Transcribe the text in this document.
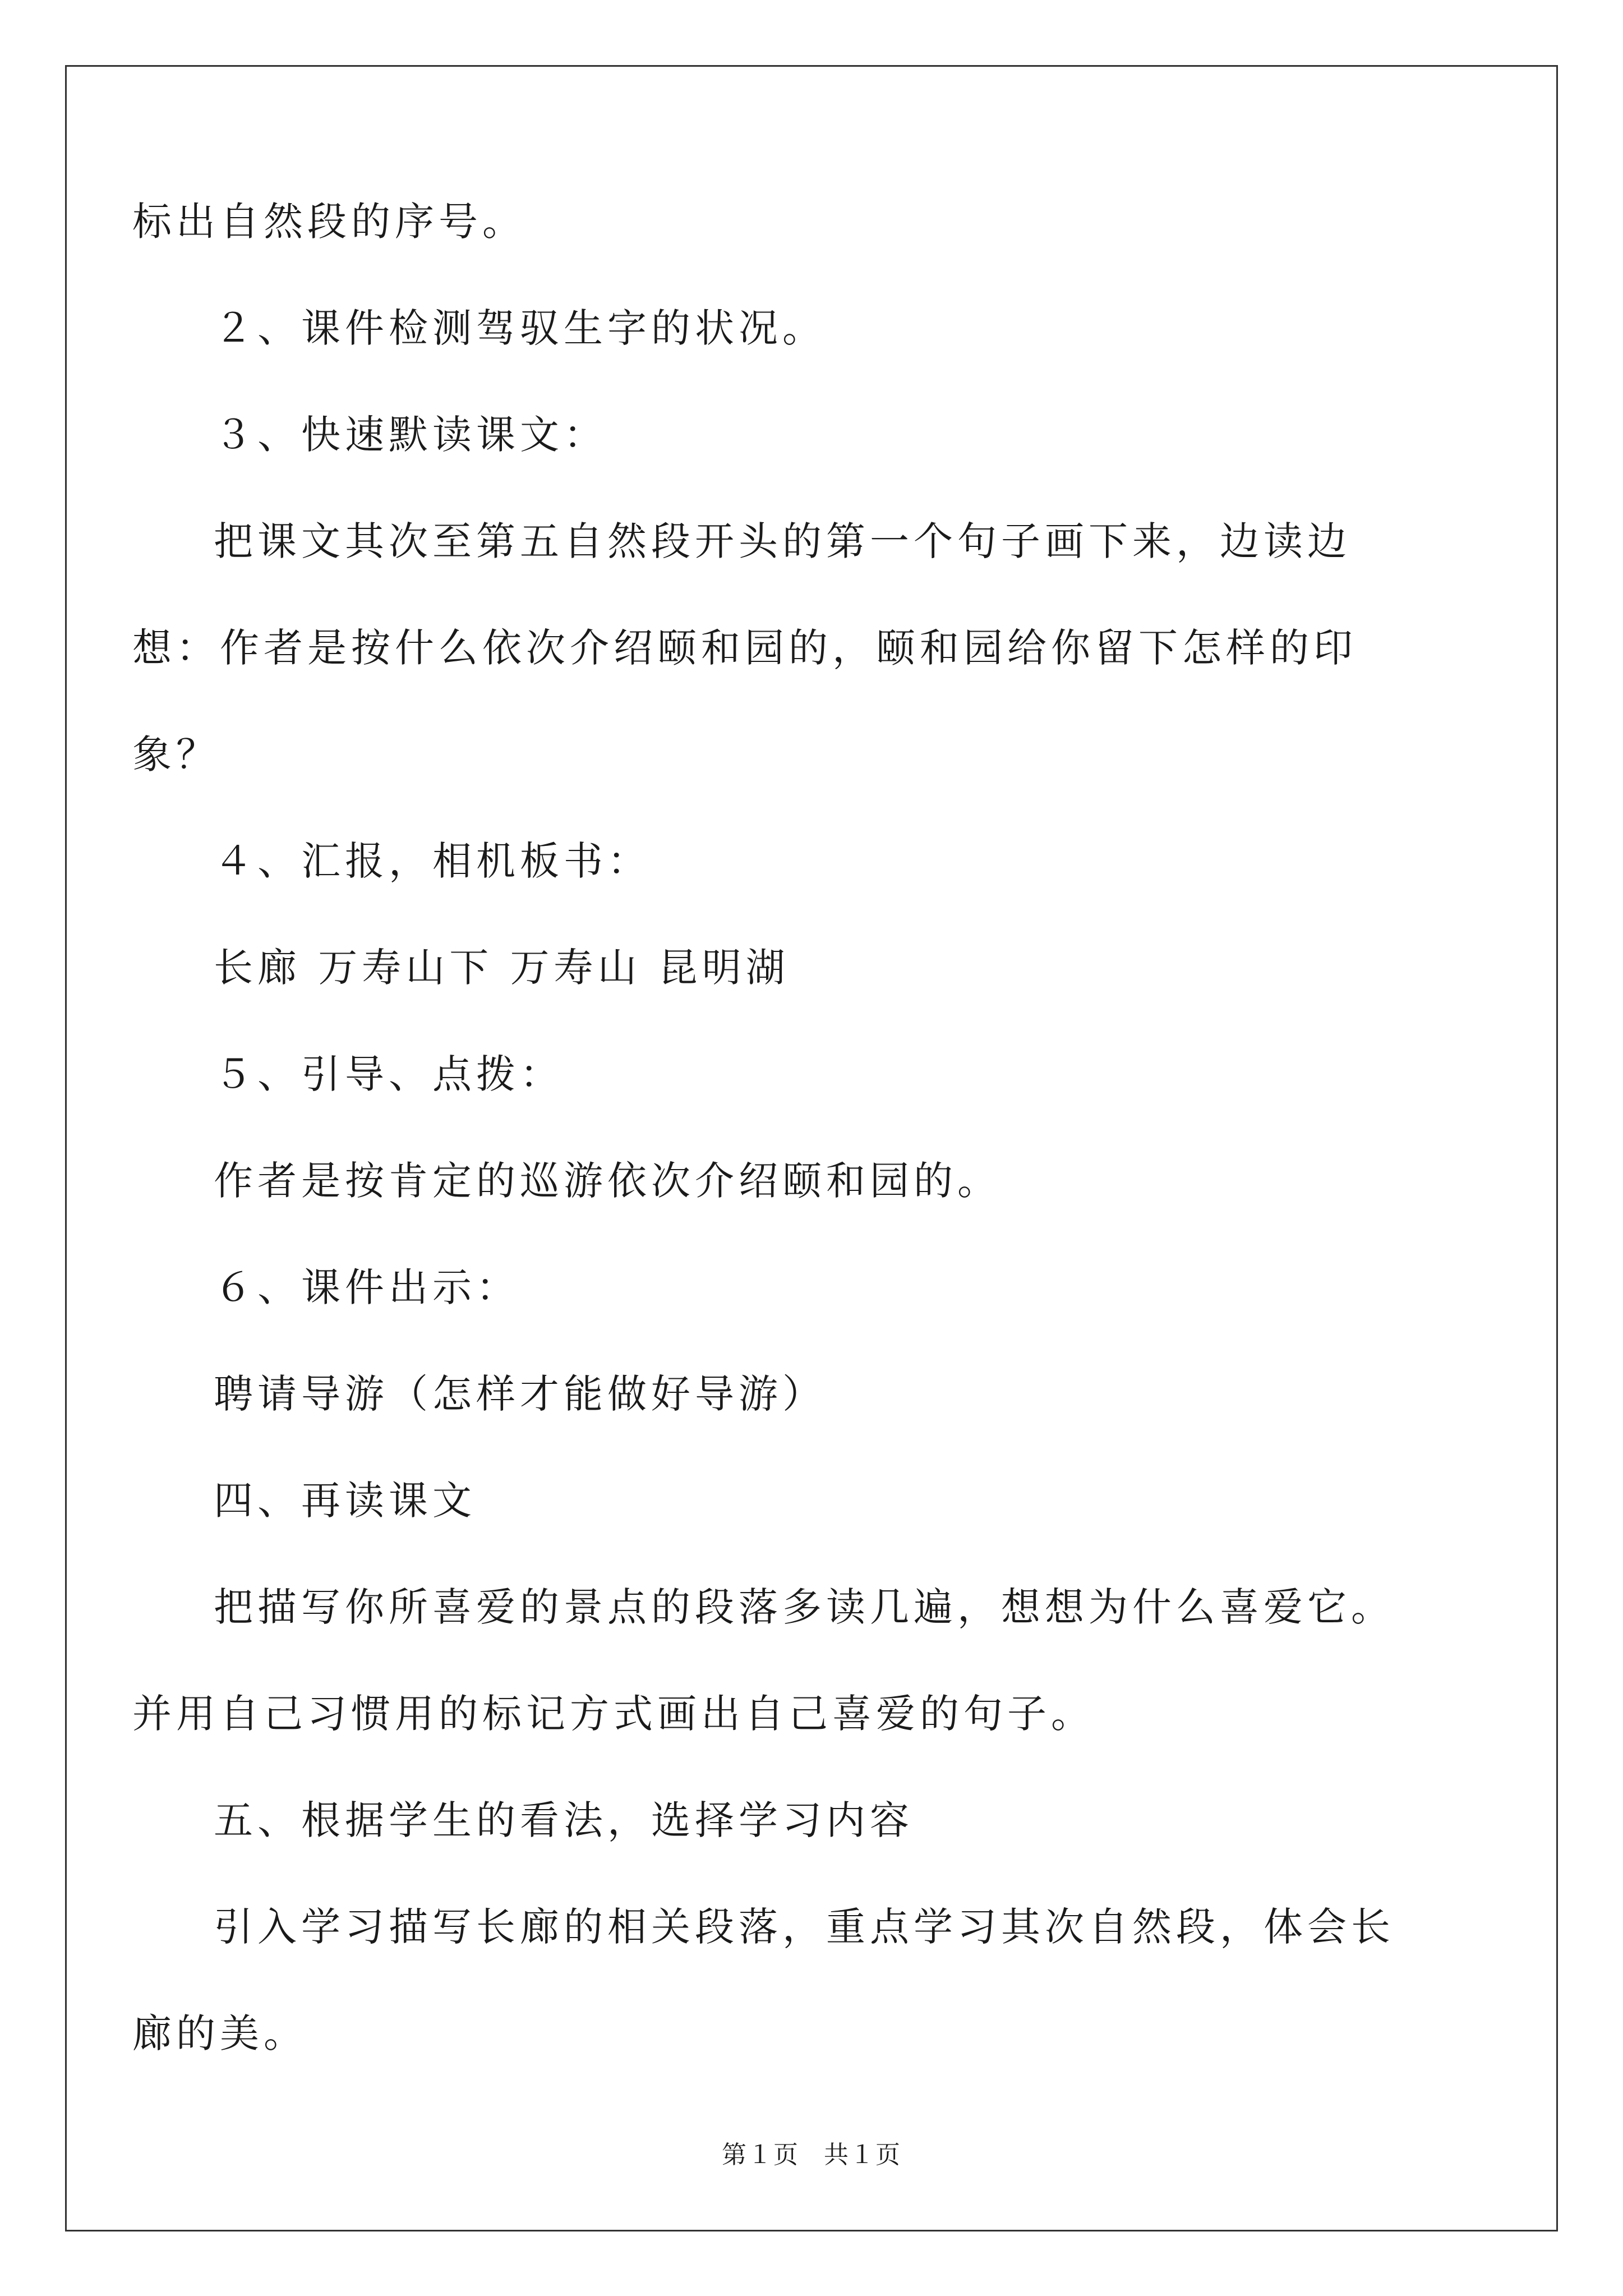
标出自然段的序号。

２、课件检测驾驭生字的状况。

３、快速默读课文：

把课文其次至第五自然段开头的第一个句子画下来，边读边想：作者是按什么依次介绍颐和园的，颐和园给你留下怎样的印象？

４、汇报，相机板书：

长廊 万寿山下 万寿山 昆明湖

５、引导、点拨：

作者是按肯定的巡游依次介绍颐和园的。

６、课件出示：

聘请导游（怎样才能做好导游）

四、再读课文

把描写你所喜爱的景点的段落多读几遍，想想为什么喜爱它。并用自己习惯用的标记方式画出自己喜爱的句子。

五、根据学生的看法，选择学习内容

引入学习描写长廊的相关段落，重点学习其次自然段，体会长廊的美。

第１页 共１页
